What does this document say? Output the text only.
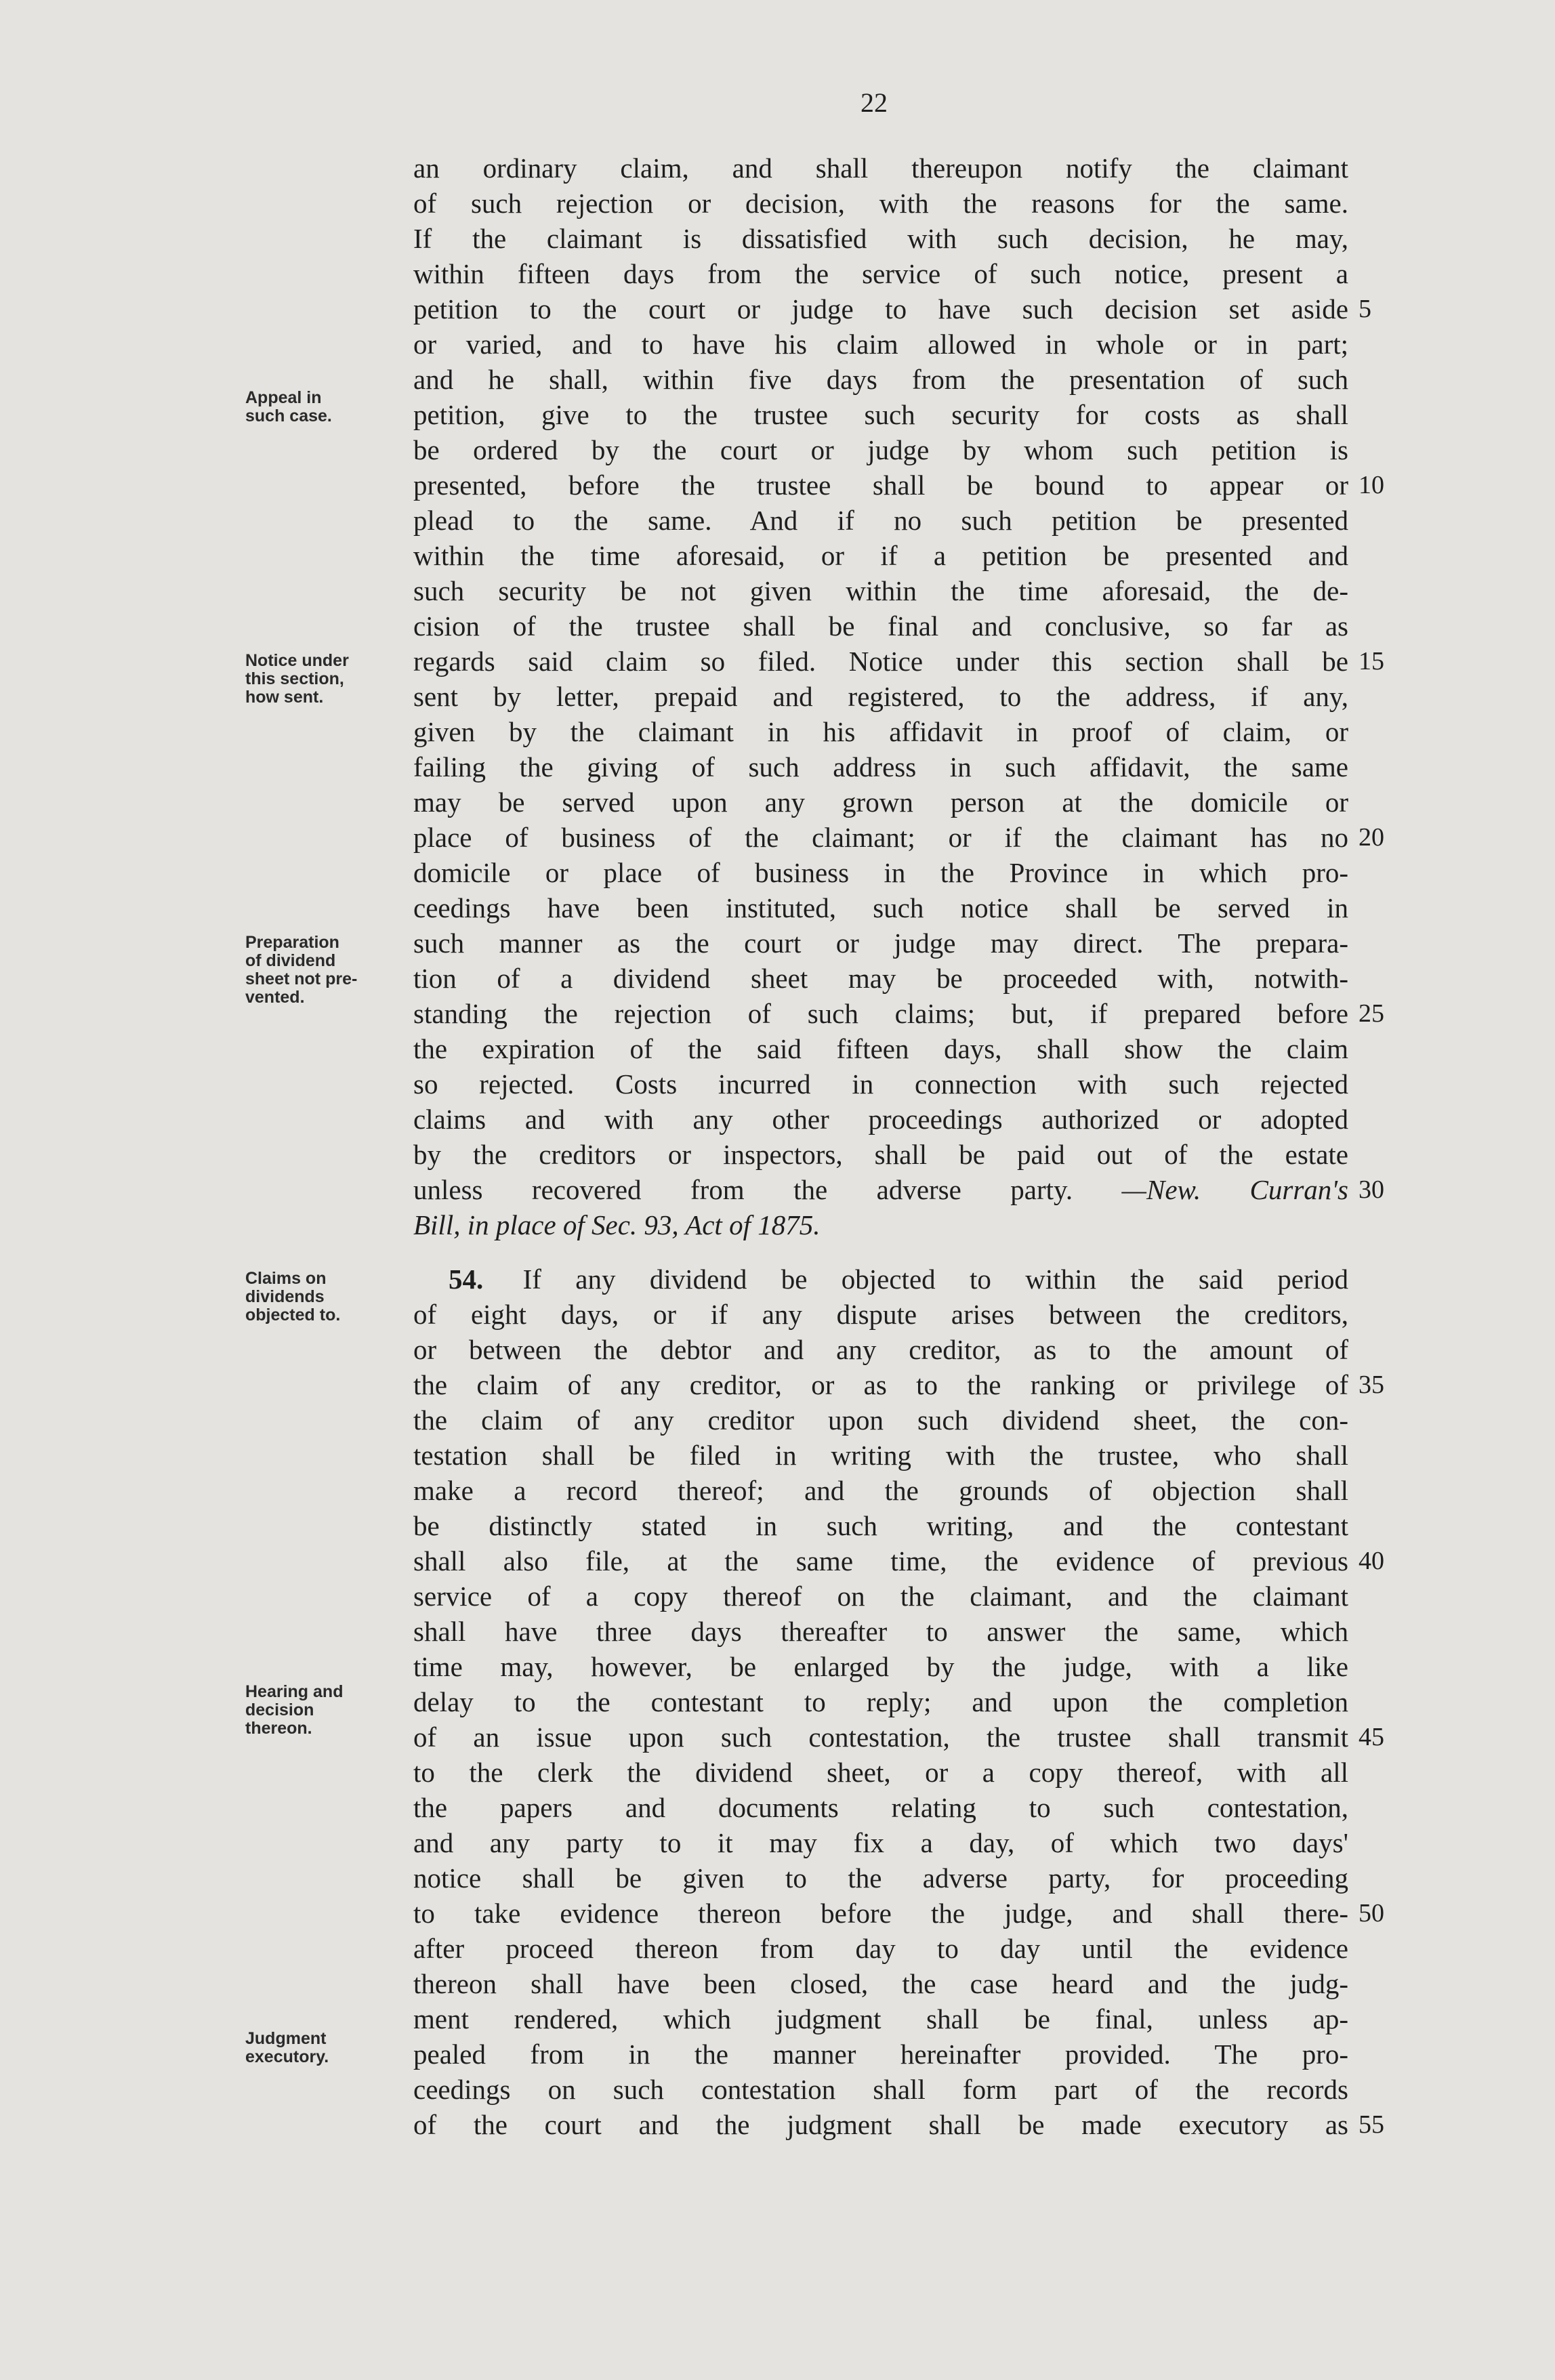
22
Appeal in
such case.
Notice under
this section,
how sent.
Preparation
of dividend
sheet not pre-
vented.
Claims on
dividends
objected to.
Hearing and
decision
thereon.
Judgment
executory.
an ordinary claim, and shall thereupon notify the claimant
of such rejection or decision, with the reasons for the same.
If the claimant is dissatisfied with such decision, he may,
within fifteen days from the service of such notice, present a
petition to the court or judge to have such decision set aside
or varied, and to have his claim allowed in whole or in part;
and he shall, within five days from the presentation of such
petition, give to the trustee such security for costs as shall
be ordered by the court or judge by whom such petition is
presented, before the trustee shall be bound to appear or
plead to the same. And if no such petition be presented
within the time aforesaid, or if a petition be presented and
such security be not given within the time aforesaid, the de-
cision of the trustee shall be final and conclusive, so far as
regards said claim so filed. Notice under this section shall be
sent by letter, prepaid and registered, to the address, if any,
given by the claimant in his affidavit in proof of claim, or
failing the giving of such address in such affidavit, the same
may be served upon any grown person at the domicile or
place of business of the claimant; or if the claimant has no
domicile or place of business in the Province in which pro-
ceedings have been instituted, such notice shall be served in
such manner as the court or judge may direct. The prepara-
tion of a dividend sheet may be proceeded with, notwith-
standing the rejection of such claims; but, if prepared before
the expiration of the said fifteen days, shall show the claim
so rejected. Costs incurred in connection with such rejected
claims and with any other proceedings authorized or adopted
by the creditors or inspectors, shall be paid out of the estate
unless recovered from the adverse party. —New. Curran's
Bill, in place of Sec. 93, Act of 1875.
54. If any dividend be objected to within the said period
of eight days, or if any dispute arises between the creditors,
or between the debtor and any creditor, as to the amount of
the claim of any creditor, or as to the ranking or privilege of
the claim of any creditor upon such dividend sheet, the con-
testation shall be filed in writing with the trustee, who shall
make a record thereof; and the grounds of objection shall
be distinctly stated in such writing, and the contestant
shall also file, at the same time, the evidence of previous
service of a copy thereof on the claimant, and the claimant
shall have three days thereafter to answer the same, which
time may, however, be enlarged by the judge, with a like
delay to the contestant to reply; and upon the completion
of an issue upon such contestation, the trustee shall transmit
to the clerk the dividend sheet, or a copy thereof, with all
the papers and documents relating to such contestation,
and any party to it may fix a day, of which two days'
notice shall be given to the adverse party, for proceeding
to take evidence thereon before the judge, and shall there-
after proceed thereon from day to day until the evidence
thereon shall have been closed, the case heard and the judg-
ment rendered, which judgment shall be final, unless ap-
pealed from in the manner hereinafter provided. The pro-
ceedings on such contestation shall form part of the records
of the court and the judgment shall be made executory as
5
10
15
20
25
30
35
40
45
50
55
